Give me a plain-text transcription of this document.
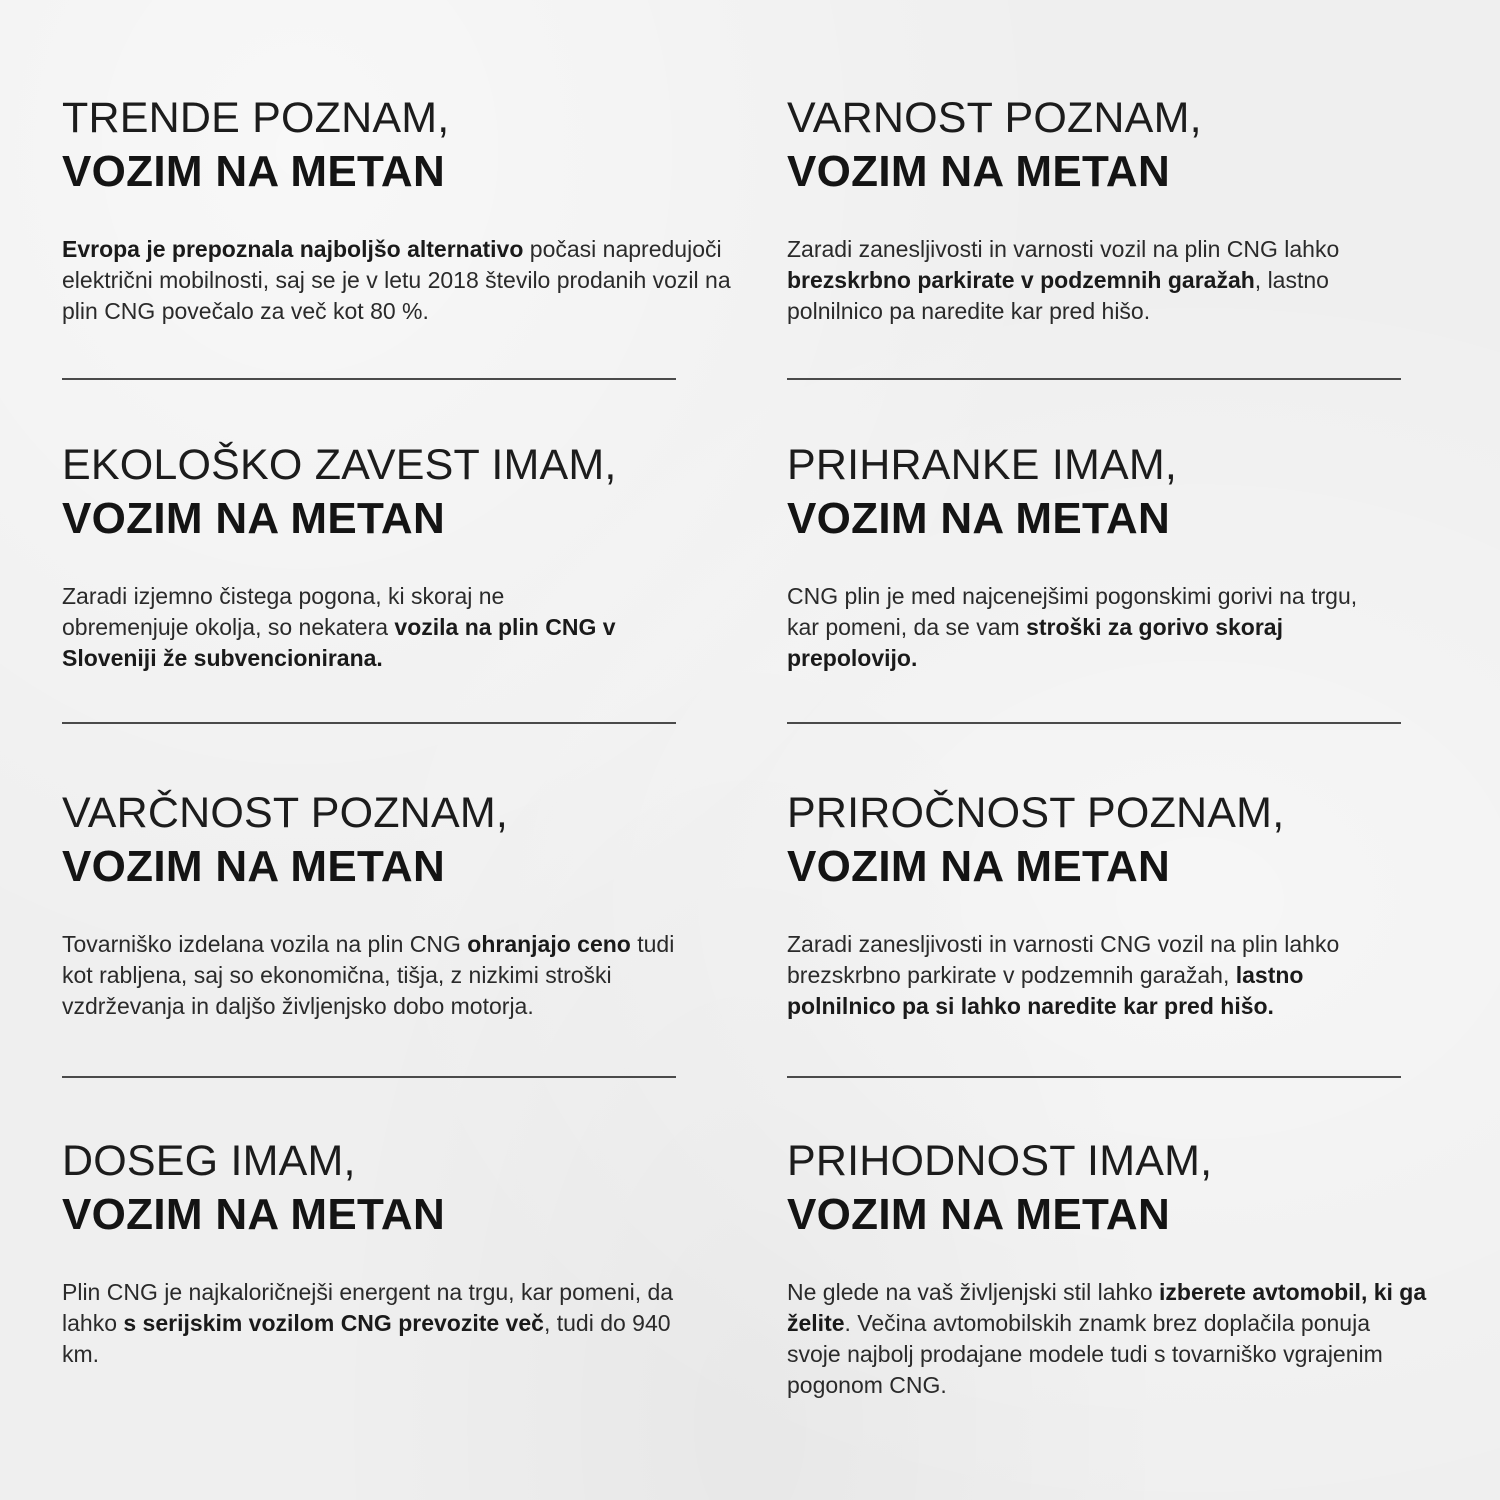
TRENDE POZNAM,
VOZIM NA METAN

Evropa je prepoznala najboljšo alternativo počasi napredujoči električni mobilnosti, saj se je v letu 2018 število prodanih vozil na plin CNG povečalo za več kot 80 %.

VARNOST POZNAM,
VOZIM NA METAN

Zaradi zanesljivosti in varnosti vozil na plin CNG lahko brezskrbno parkirate v podzemnih garažah, lastno polnilnico pa naredite kar pred hišo.

EKOLOŠKO ZAVEST IMAM,
VOZIM NA METAN

Zaradi izjemno čistega pogona, ki skoraj ne obremenjuje okolja, so nekatera vozila na plin CNG v Sloveniji že subvencionirana.

PRIHRANKE IMAM,
VOZIM NA METAN

CNG plin je med najcenejšimi pogonskimi gorivi na trgu, kar pomeni, da se vam stroški za gorivo skoraj prepolovijo.

VARČNOST POZNAM,
VOZIM NA METAN

Tovarniško izdelana vozila na plin CNG ohranjajo ceno tudi kot rabljena, saj so ekonomična, tišja, z nizkimi stroški vzdrževanja in daljšo življenjsko dobo motorja.

PRIROČNOST POZNAM,
VOZIM NA METAN

Zaradi zanesljivosti in varnosti CNG vozil na plin lahko brezskrbno parkirate v podzemnih garažah, lastno polnilnico pa si lahko naredite kar pred hišo.

DOSEG IMAM,
VOZIM NA METAN

Plin CNG je najkaloričnejši energent na trgu, kar pomeni, da lahko s serijskim vozilom CNG prevozite več, tudi do 940 km.

PRIHODNOST IMAM,
VOZIM NA METAN

Ne glede na vaš življenjski stil lahko izberete avtomobil, ki ga želite. Večina avtomobilskih znamk brez doplačila ponuja svoje najbolj prodajane modele tudi s tovarniško vgrajenim pogonom CNG.
